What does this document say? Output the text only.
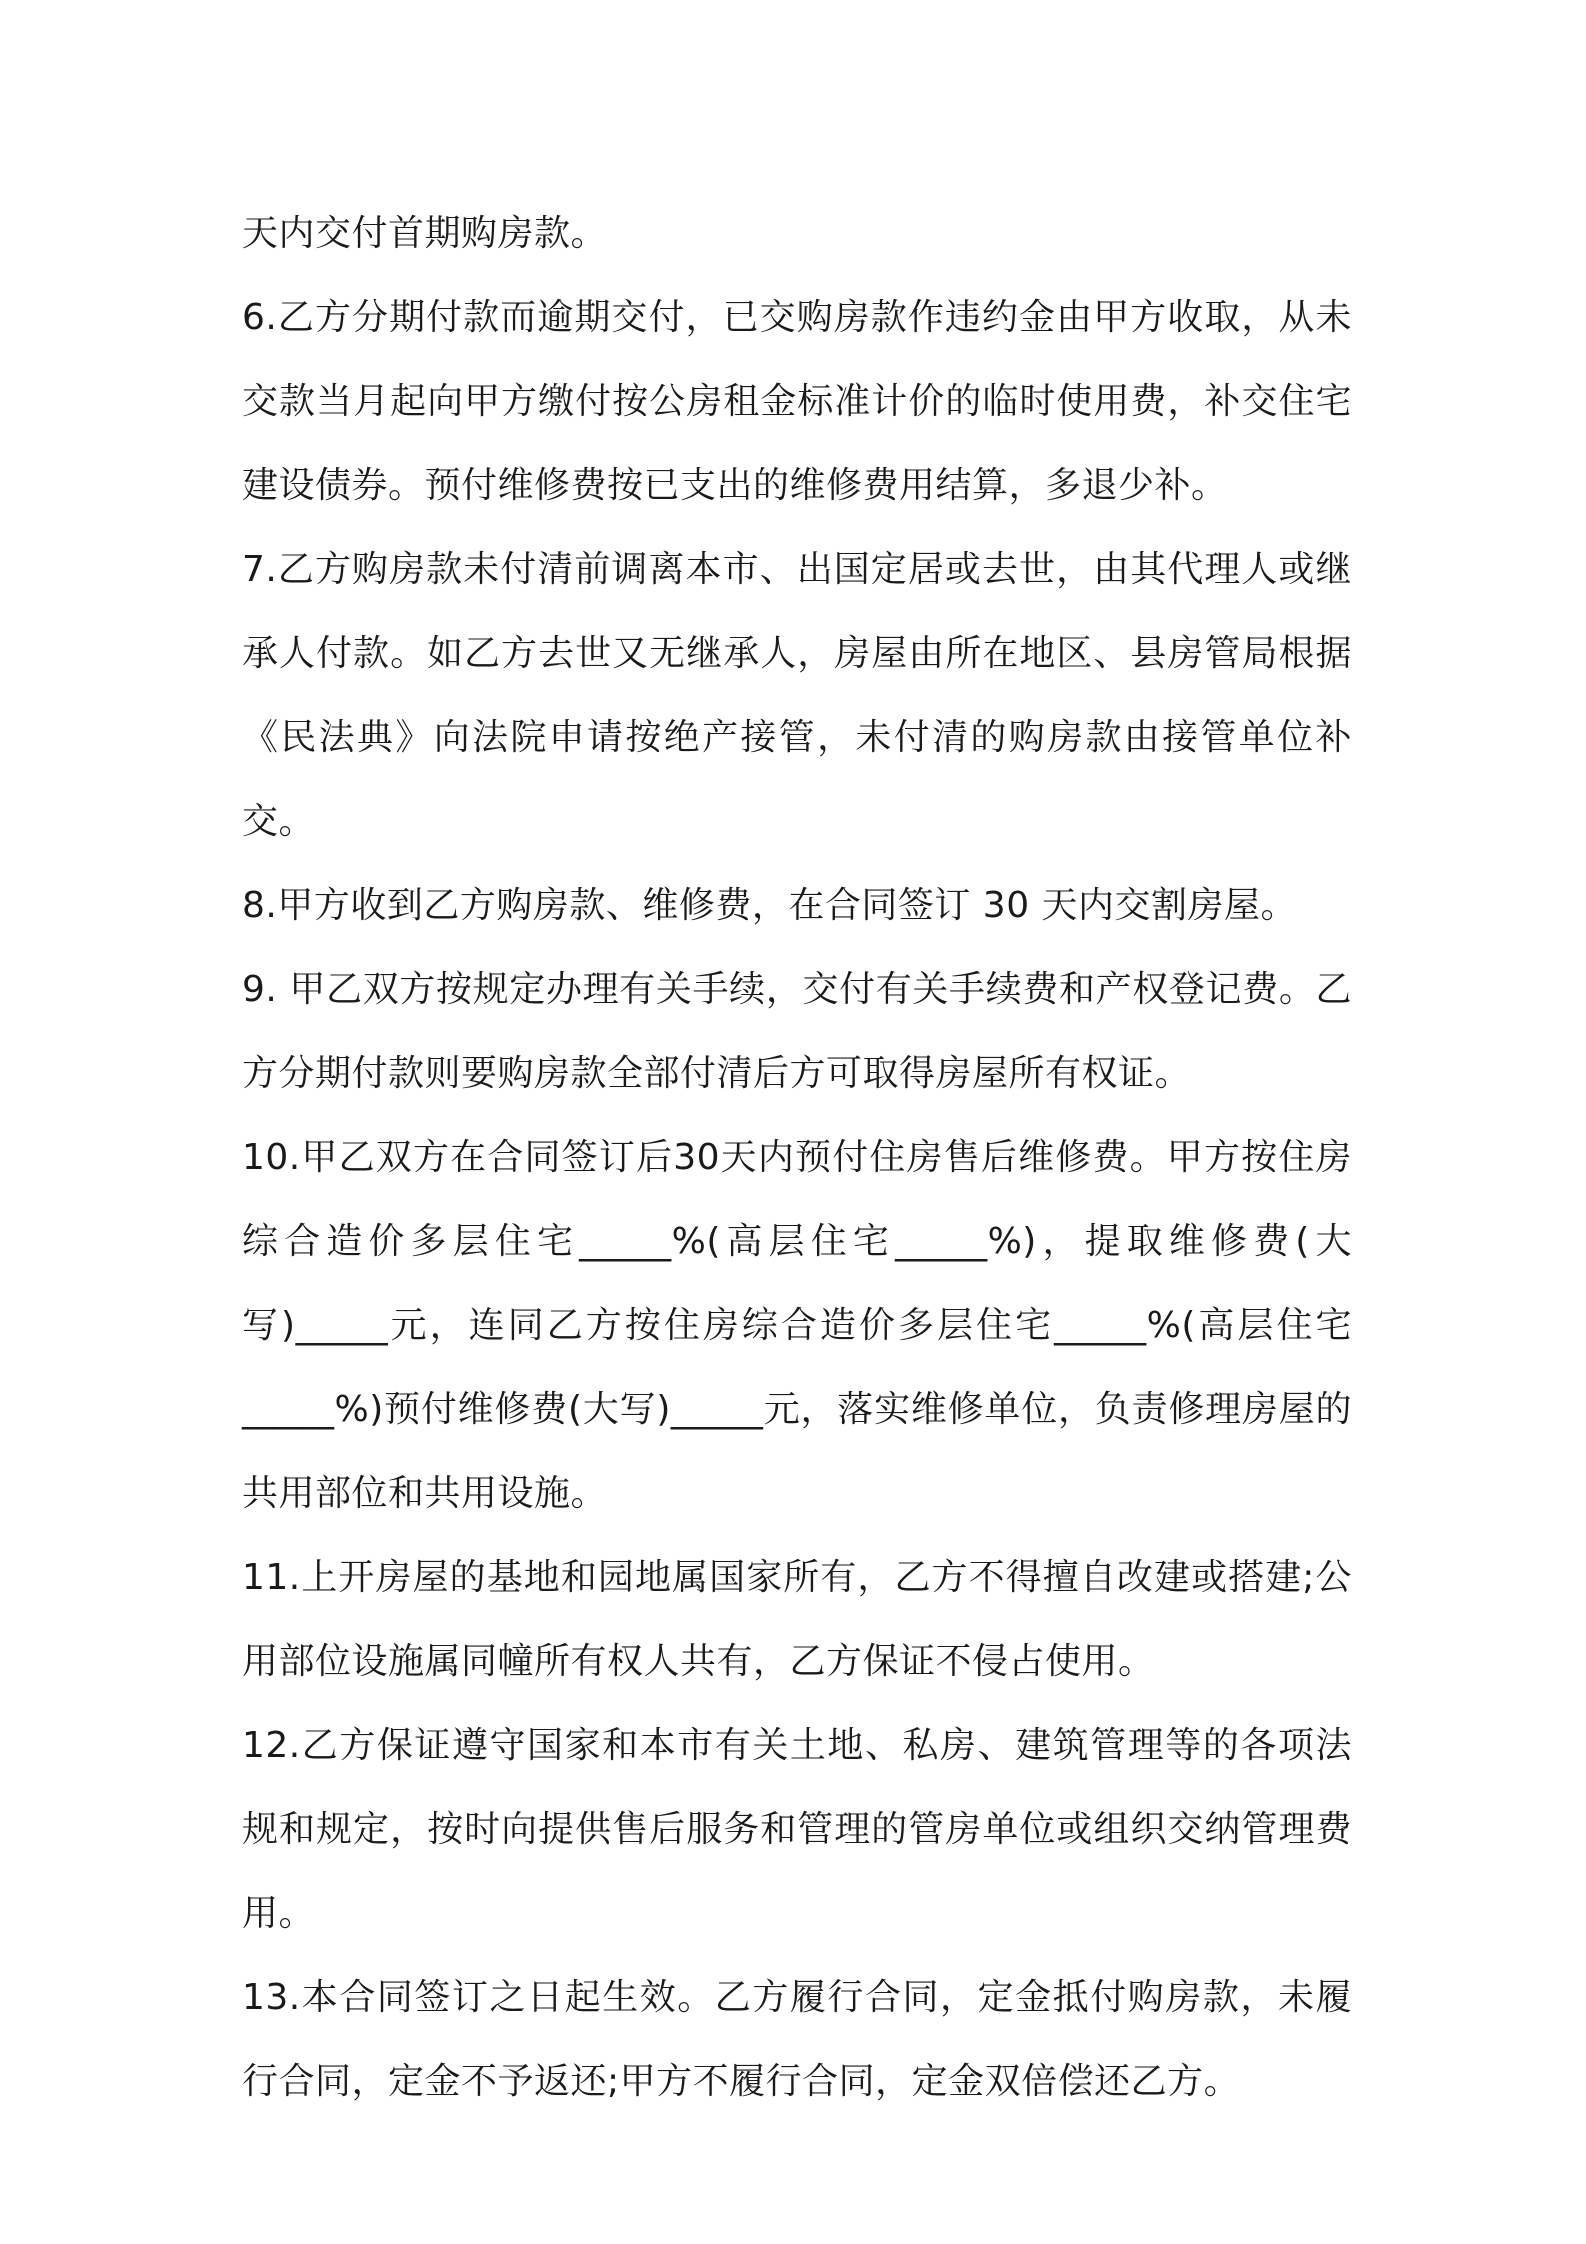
天内交付首期购房款。

6.乙方分期付款而逾期交付，已交购房款作违约金由甲方收取，从未交款当月起向甲方缴付按公房租金标准计价的临时使用费，补交住宅建设债券。预付维修费按已支出的维修费用结算，多退少补。

7.乙方购房款未付清前调离本市、出国定居或去世，由其代理人或继承人付款。如乙方去世又无继承人，房屋由所在地区、县房管局根据《民法典》向法院申请按绝产接管，未付清的购房款由接管单位补交。

8.甲方收到乙方购房款、维修费，在合同签订 30 天内交割房屋。

9. 甲乙双方按规定办理有关手续，交付有关手续费和产权登记费。乙方分期付款则要购房款全部付清后方可取得房屋所有权证。

10.甲乙双方在合同签订后30天内预付住房售后维修费。甲方按住房综合造价多层住宅_____%(高层住宅_____%)，提取维修费(大写)_____元，连同乙方按住房综合造价多层住宅_____%(高层住宅_____%)预付维修费(大写)_____元，落实维修单位，负责修理房屋的共用部位和共用设施。

11.上开房屋的基地和园地属国家所有，乙方不得擅自改建或搭建;公用部位设施属同幢所有权人共有，乙方保证不侵占使用。

12.乙方保证遵守国家和本市有关土地、私房、建筑管理等的各项法规和规定，按时向提供售后服务和管理的管房单位或组织交纳管理费用。

13.本合同签订之日起生效。乙方履行合同，定金抵付购房款，未履行合同，定金不予返还;甲方不履行合同，定金双倍偿还乙方。
